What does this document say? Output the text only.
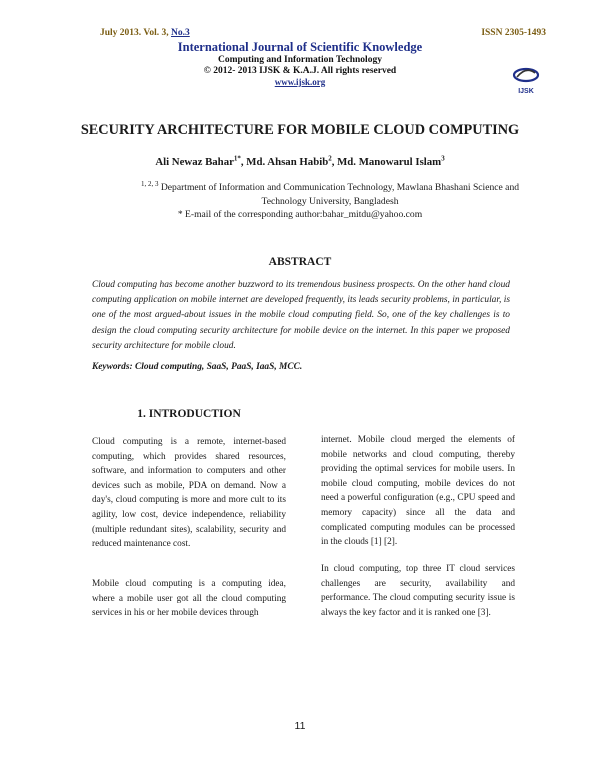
July 2013. Vol. 3, No.3	ISSN 2305-1493
International Journal of Scientific Knowledge
Computing and Information Technology
© 2012- 2013 IJSK & K.A.J. All rights reserved
www.ijsk.org
IJSK
SECURITY ARCHITECTURE FOR MOBILE CLOUD COMPUTING
Ali Newaz Bahar$^{1*}$, Md. Ahsan Habib$^2$, Md. Manowarul Islam$^3$
$^{1, 2, 3}$ Department of Information and Communication Technology, Mawlana Bhashani Science and Technology University, Bangladesh
* E-mail of the corresponding author:bahar_mitdu@yahoo.com
ABSTRACT
Cloud computing has become another buzzword to its tremendous business prospects. On the other hand cloud computing application on mobile internet are developed frequently, its leads security problems, in particular, is one of the most argued-about issues in the mobile cloud computing field. So, one of the key challenges is to design the cloud computing security architecture for mobile device on the internet. In this paper we proposed security architecture for mobile cloud.
Keywords: Cloud computing, SaaS, PaaS, IaaS, MCC.
1. INTRODUCTION

Cloud computing is a remote, internet-based computing, which provides shared resources, software, and information to computers and other devices such as mobile, PDA on demand. Now a day's, cloud computing is more and more cult to its agility, low cost, device independence, reliability (multiple redundant sites), scalability, security and reduced maintenance cost.

Mobile cloud computing is a computing idea, where a mobile user got all the cloud computing services in his or her mobile devices through

internet. Mobile cloud merged the elements of mobile networks and cloud computing, thereby providing the optimal services for mobile users. In mobile cloud computing, mobile devices do not need a powerful configuration (e.g., CPU speed and memory capacity) since all the data and complicated computing modules can be processed in the clouds [1] [2].

In cloud computing, top three IT cloud services challenges are security, availability and performance. The cloud computing security issue is always the key factor and it is ranked one [3].

11
